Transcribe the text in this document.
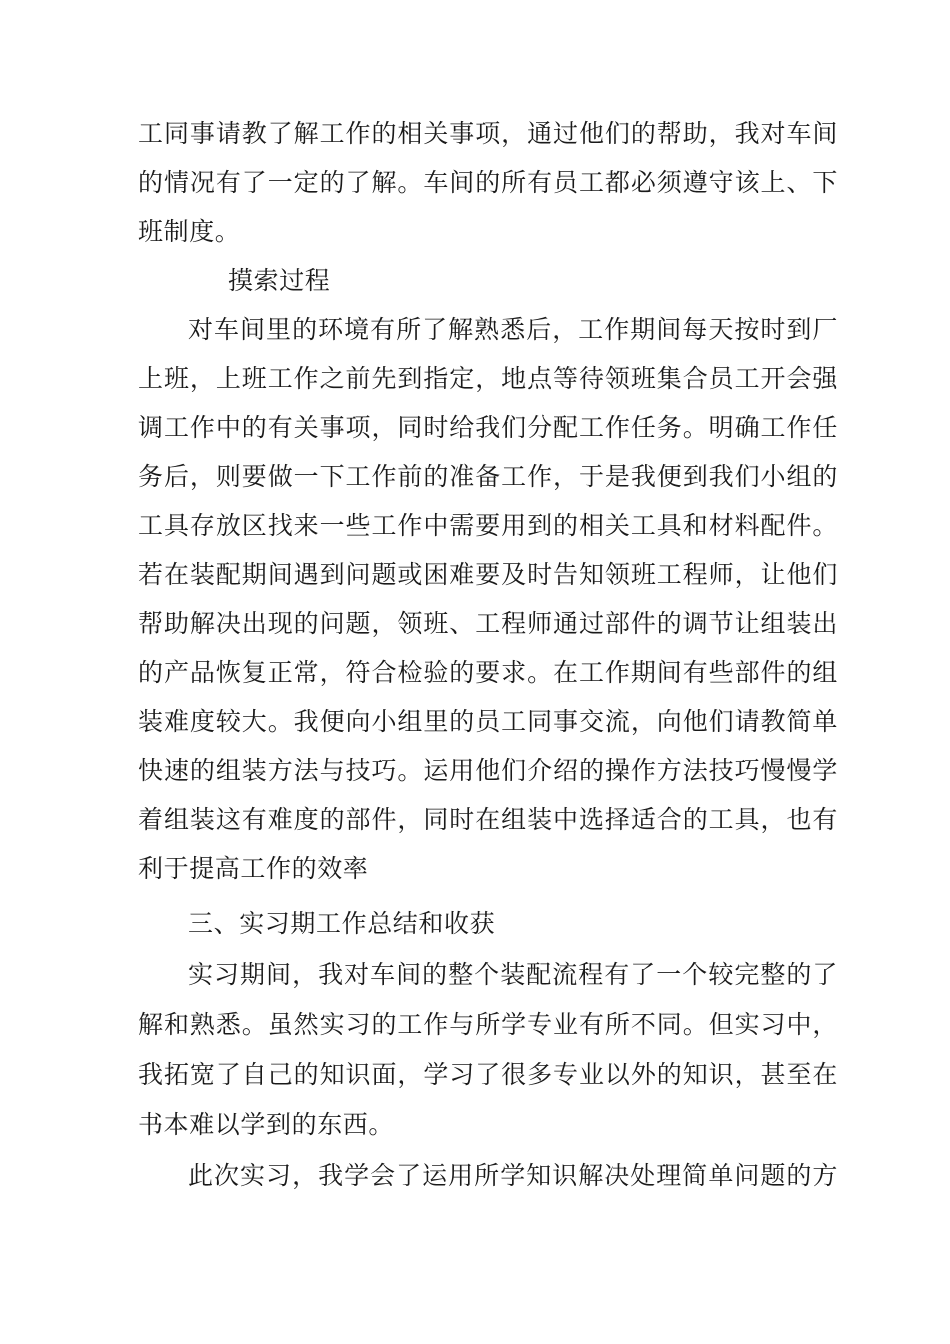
工同事请教了解工作的相关事项，通过他们的帮助，我对车间
的情况有了一定的了解。车间的所有员工都必须遵守该上、下
班制度。
摸索过程
对车间里的环境有所了解熟悉后，工作期间每天按时到厂
上班，上班工作之前先到指定，地点等待领班集合员工开会强
调工作中的有关事项，同时给我们分配工作任务。明确工作任
务后，则要做一下工作前的准备工作，于是我便到我们小组的
工具存放区找来一些工作中需要用到的相关工具和材料配件。
若在装配期间遇到问题或困难要及时告知领班工程师，让他们
帮助解决出现的问题，领班、工程师通过部件的调节让组装出
的产品恢复正常，符合检验的要求。在工作期间有些部件的组
装难度较大。我便向小组里的员工同事交流，向他们请教简单
快速的组装方法与技巧。运用他们介绍的操作方法技巧慢慢学
着组装这有难度的部件，同时在组装中选择适合的工具，也有
利于提高工作的效率
三、实习期工作总结和收获
实习期间，我对车间的整个装配流程有了一个较完整的了
解和熟悉。虽然实习的工作与所学专业有所不同。但实习中，
我拓宽了自己的知识面，学习了很多专业以外的知识，甚至在
书本难以学到的东西。
此次实习，我学会了运用所学知识解决处理简单问题的方
